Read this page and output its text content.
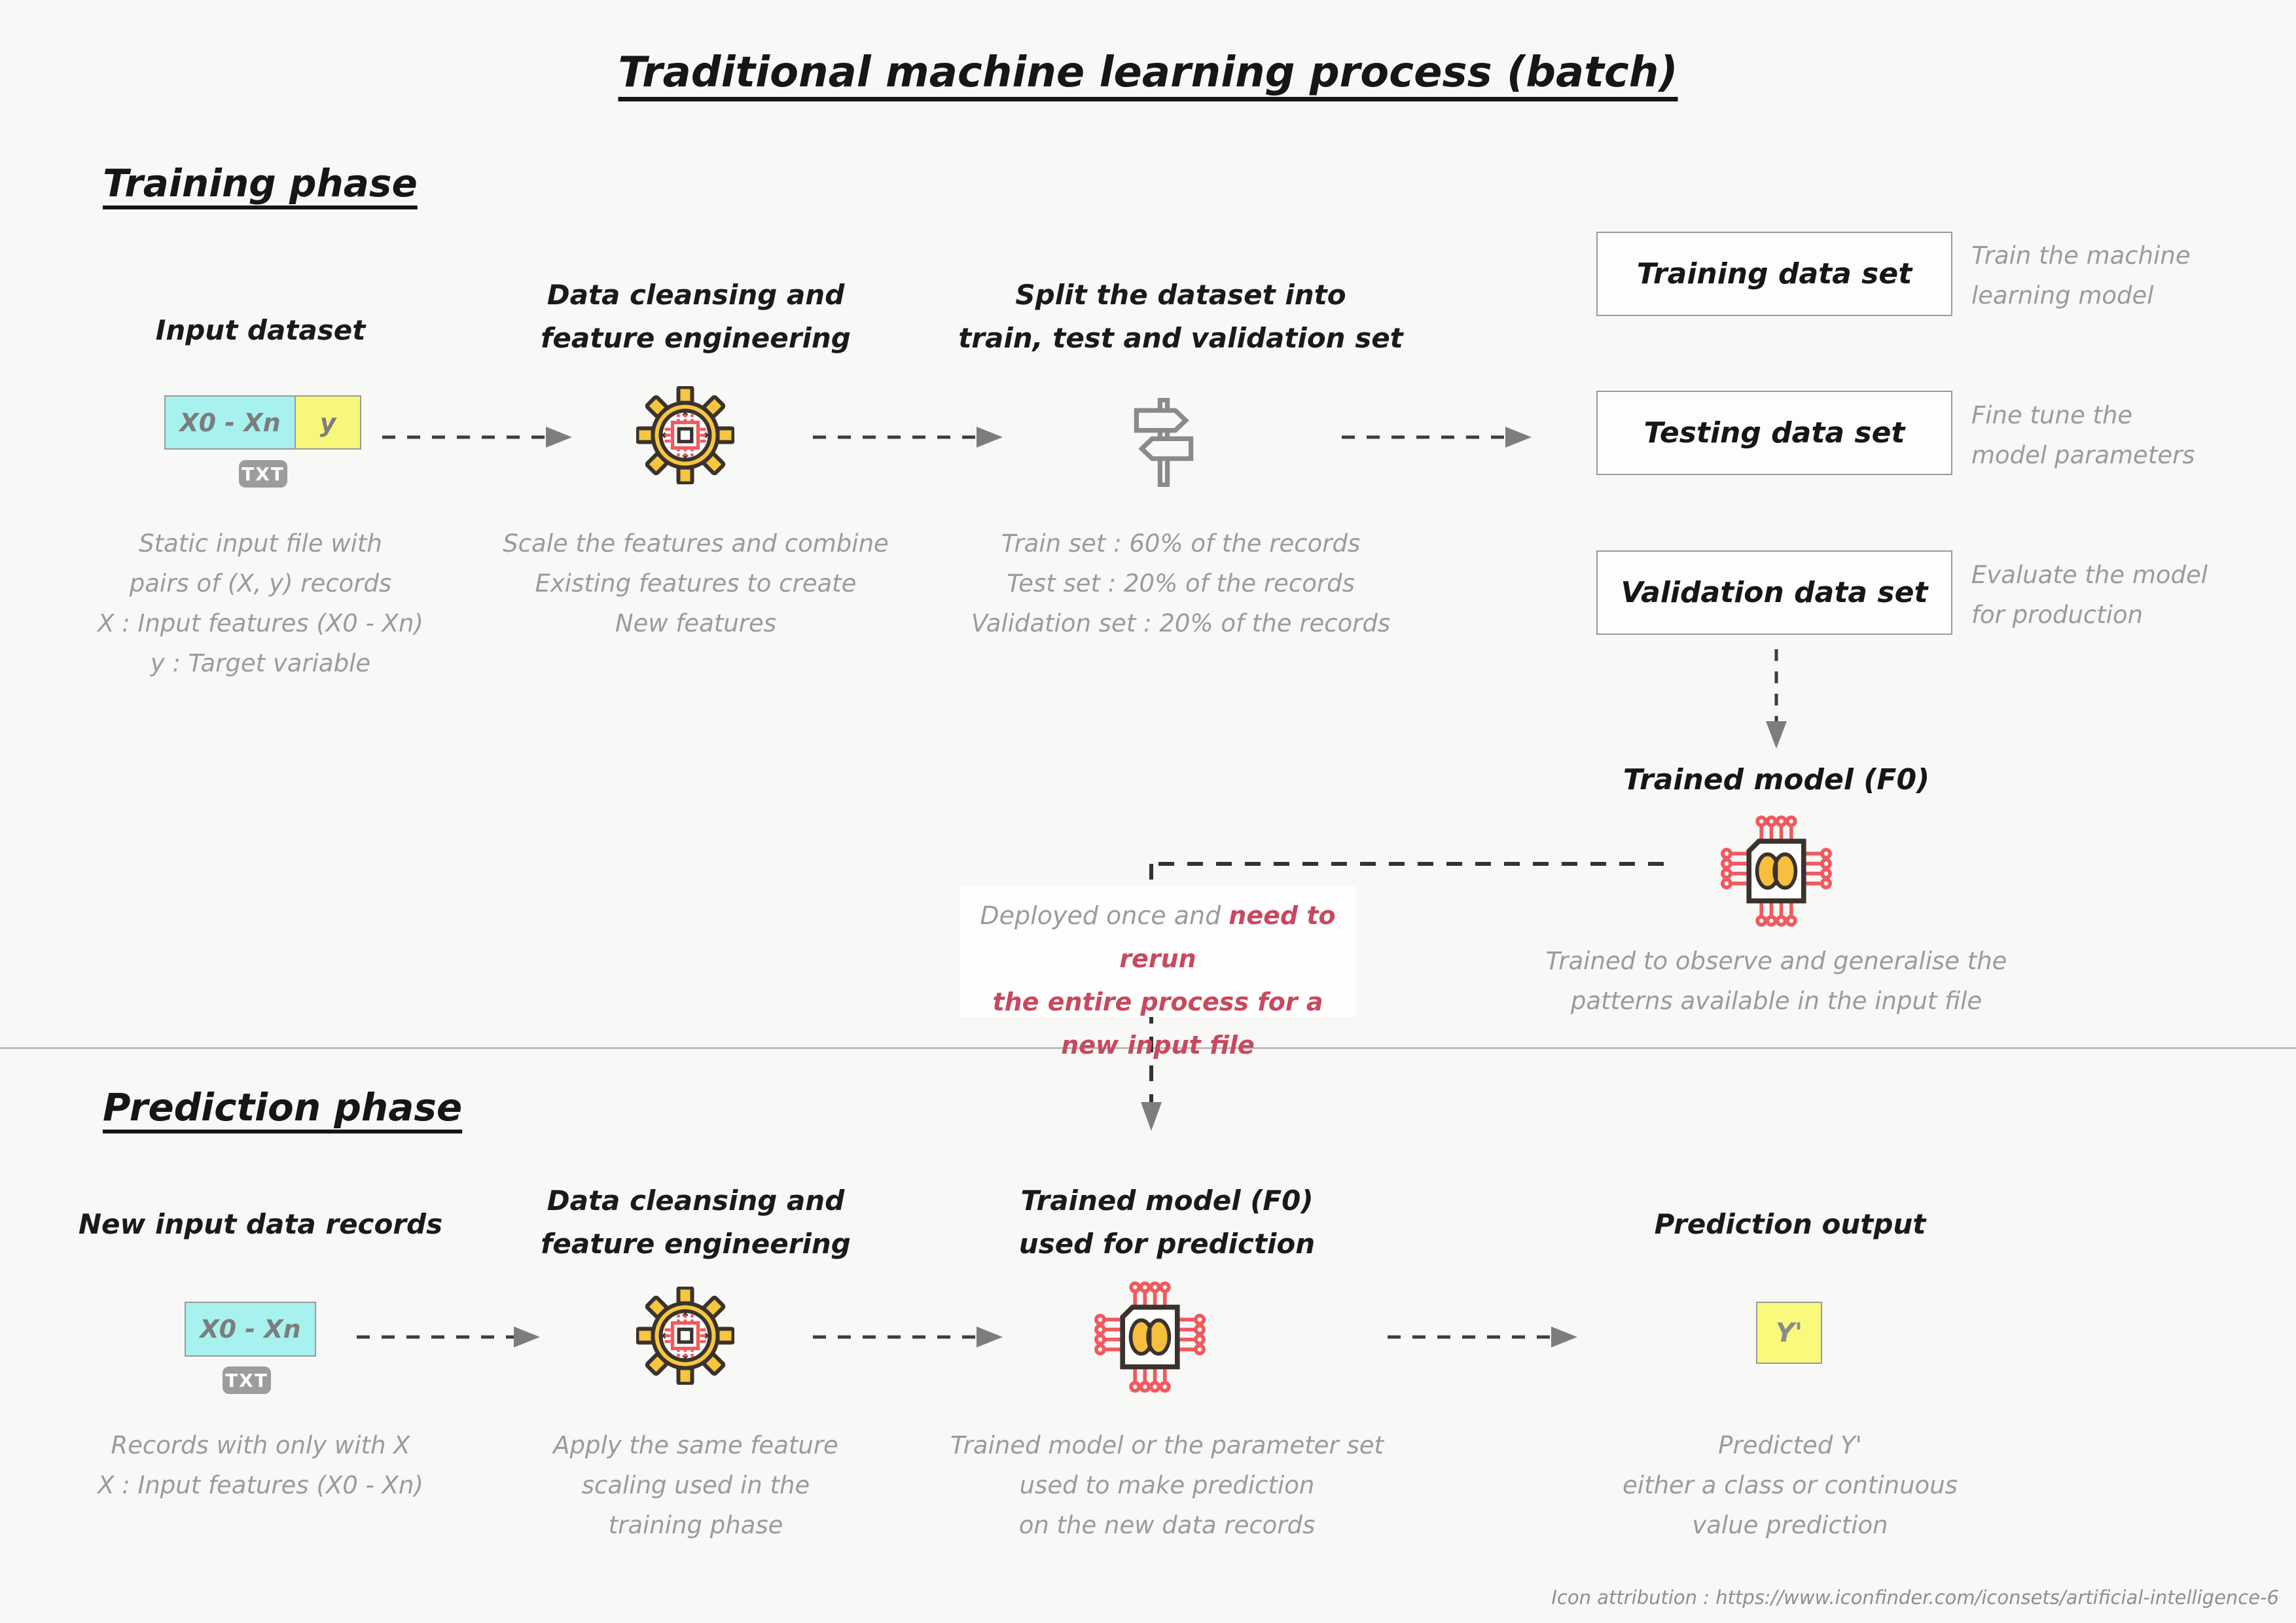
Traditional machine learning process (batch)
Training phase
Input dataset
Data cleansing and
feature engineering
Split the dataset into
train, test and validation set
X0 - Xn	y
TXT
Training data set
Testing data set
Validation data set
Train the machine
learning model
Fine tune the
model parameters
Evaluate the model
for production
Static input file with
pairs of (X, y) records
X : Input features (X0 - Xn)
y : Target variable
Scale the features and combine
Existing features to create
New features
Train set : 60% of the records
Test set : 20% of the records
Validation set : 20% of the records
Trained model (F0)
Trained to observe and generalise the
patterns available in the input file
Deployed once and need to rerun
the entire process for a
new input file
Prediction phase
New input data records
Data cleansing and
feature engineering
Trained model (F0)
used for prediction
Prediction output
X0 - Xn
TXT
Y'
Records with only with X
X : Input features (X0 - Xn)
Apply the same feature
scaling used in the
training phase
Trained model or the parameter set
used to make prediction
on the new data records
Predicted Y'
either a class or continuous
value prediction
Icon attribution : https://www.iconfinder.com/iconsets/artificial-intelligence-6
